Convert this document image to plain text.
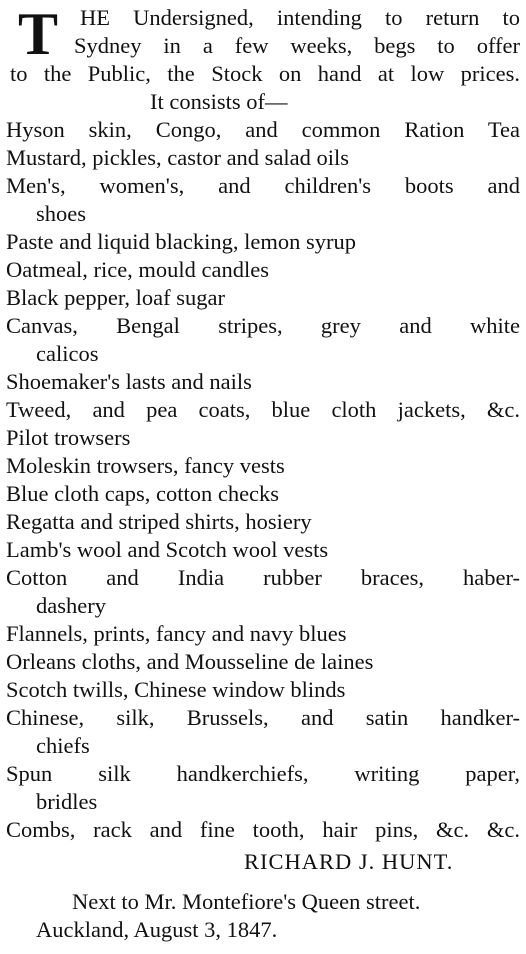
T HE Undersigned, intending to return to
Sydney in a few weeks, begs to offer
to the Public, the Stock on hand at low prices.
It consists of—
Hyson skin, Congo, and common Ration Tea
Mustard, pickles, castor and salad oils
Men's, women's, and children's boots and
shoes
Paste and liquid blacking, lemon syrup
Oatmeal, rice, mould candles
Black pepper, loaf sugar
Canvas, Bengal stripes, grey and white
calicos
Shoemaker's lasts and nails
Tweed, and pea coats, blue cloth jackets, &c.
Pilot trowsers
Moleskin trowsers, fancy vests
Blue cloth caps, cotton checks
Regatta and striped shirts, hosiery
Lamb's wool and Scotch wool vests
Cotton and India rubber braces, haber-
dashery
Flannels, prints, fancy and navy blues
Orleans cloths, and Mousseline de laines
Scotch twills, Chinese window blinds
Chinese, silk, Brussels, and satin handker-
chiefs
Spun silk handkerchiefs, writing paper,
bridles
Combs, rack and fine tooth, hair pins, &c. &c.
RICHARD J. HUNT.
Next to Mr. Montefiore's Queen street.
Auckland, August 3, 1847.
